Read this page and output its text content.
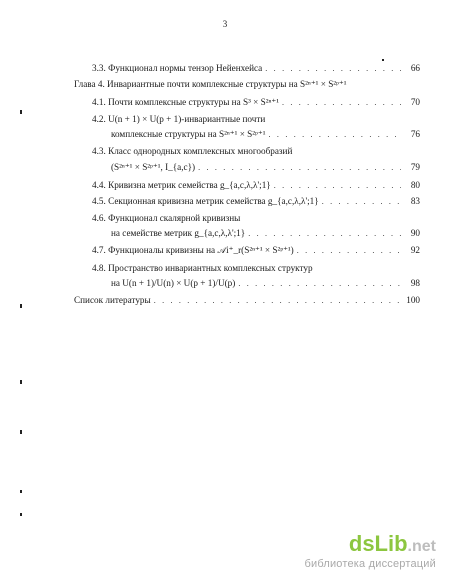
3
3.3. Функционал нормы тензор Нейенхейса . . .	66
Глава 4. Инвариантные почти комплексные структуры на S²ⁿ⁺¹ × S²ᵖ⁺¹
4.1. Почти комплексные структуры на S³ × S²ⁿ⁺¹ . . .	70
4.2. U(n + 1) × U(p + 1)-инвариантные почти
комплексные структуры на S²ⁿ⁺¹ × S²ᵖ⁺¹ . . .	76
4.3. Класс однородных комплексных многообразий
(S²ⁿ⁺¹ × S²ᵖ⁺¹, I_{a,c}) . . .	79
4.4. Кривизна метрик семейства g_{a,c,λ,λ';1} . . .	80
4.5. Секционная кривизна метрик семейства g_{a,c,λ,λ';1} . . .	83
4.6. Функционал скалярной кривизны
на семействе метрик g_{a,c,λ,λ';1} . . .	90
4.7. Функционалы кривизны на 𝒜i⁺_r(S²ⁿ⁺¹ × S²ᵖ⁺¹) . . .	92
4.8. Пространство инвариантных комплексных структур
на U(n + 1)/U(n) × U(p + 1)/U(p) . . .	98
Список литературы . . .	100
dsLib.net
библиотека диссертаций
